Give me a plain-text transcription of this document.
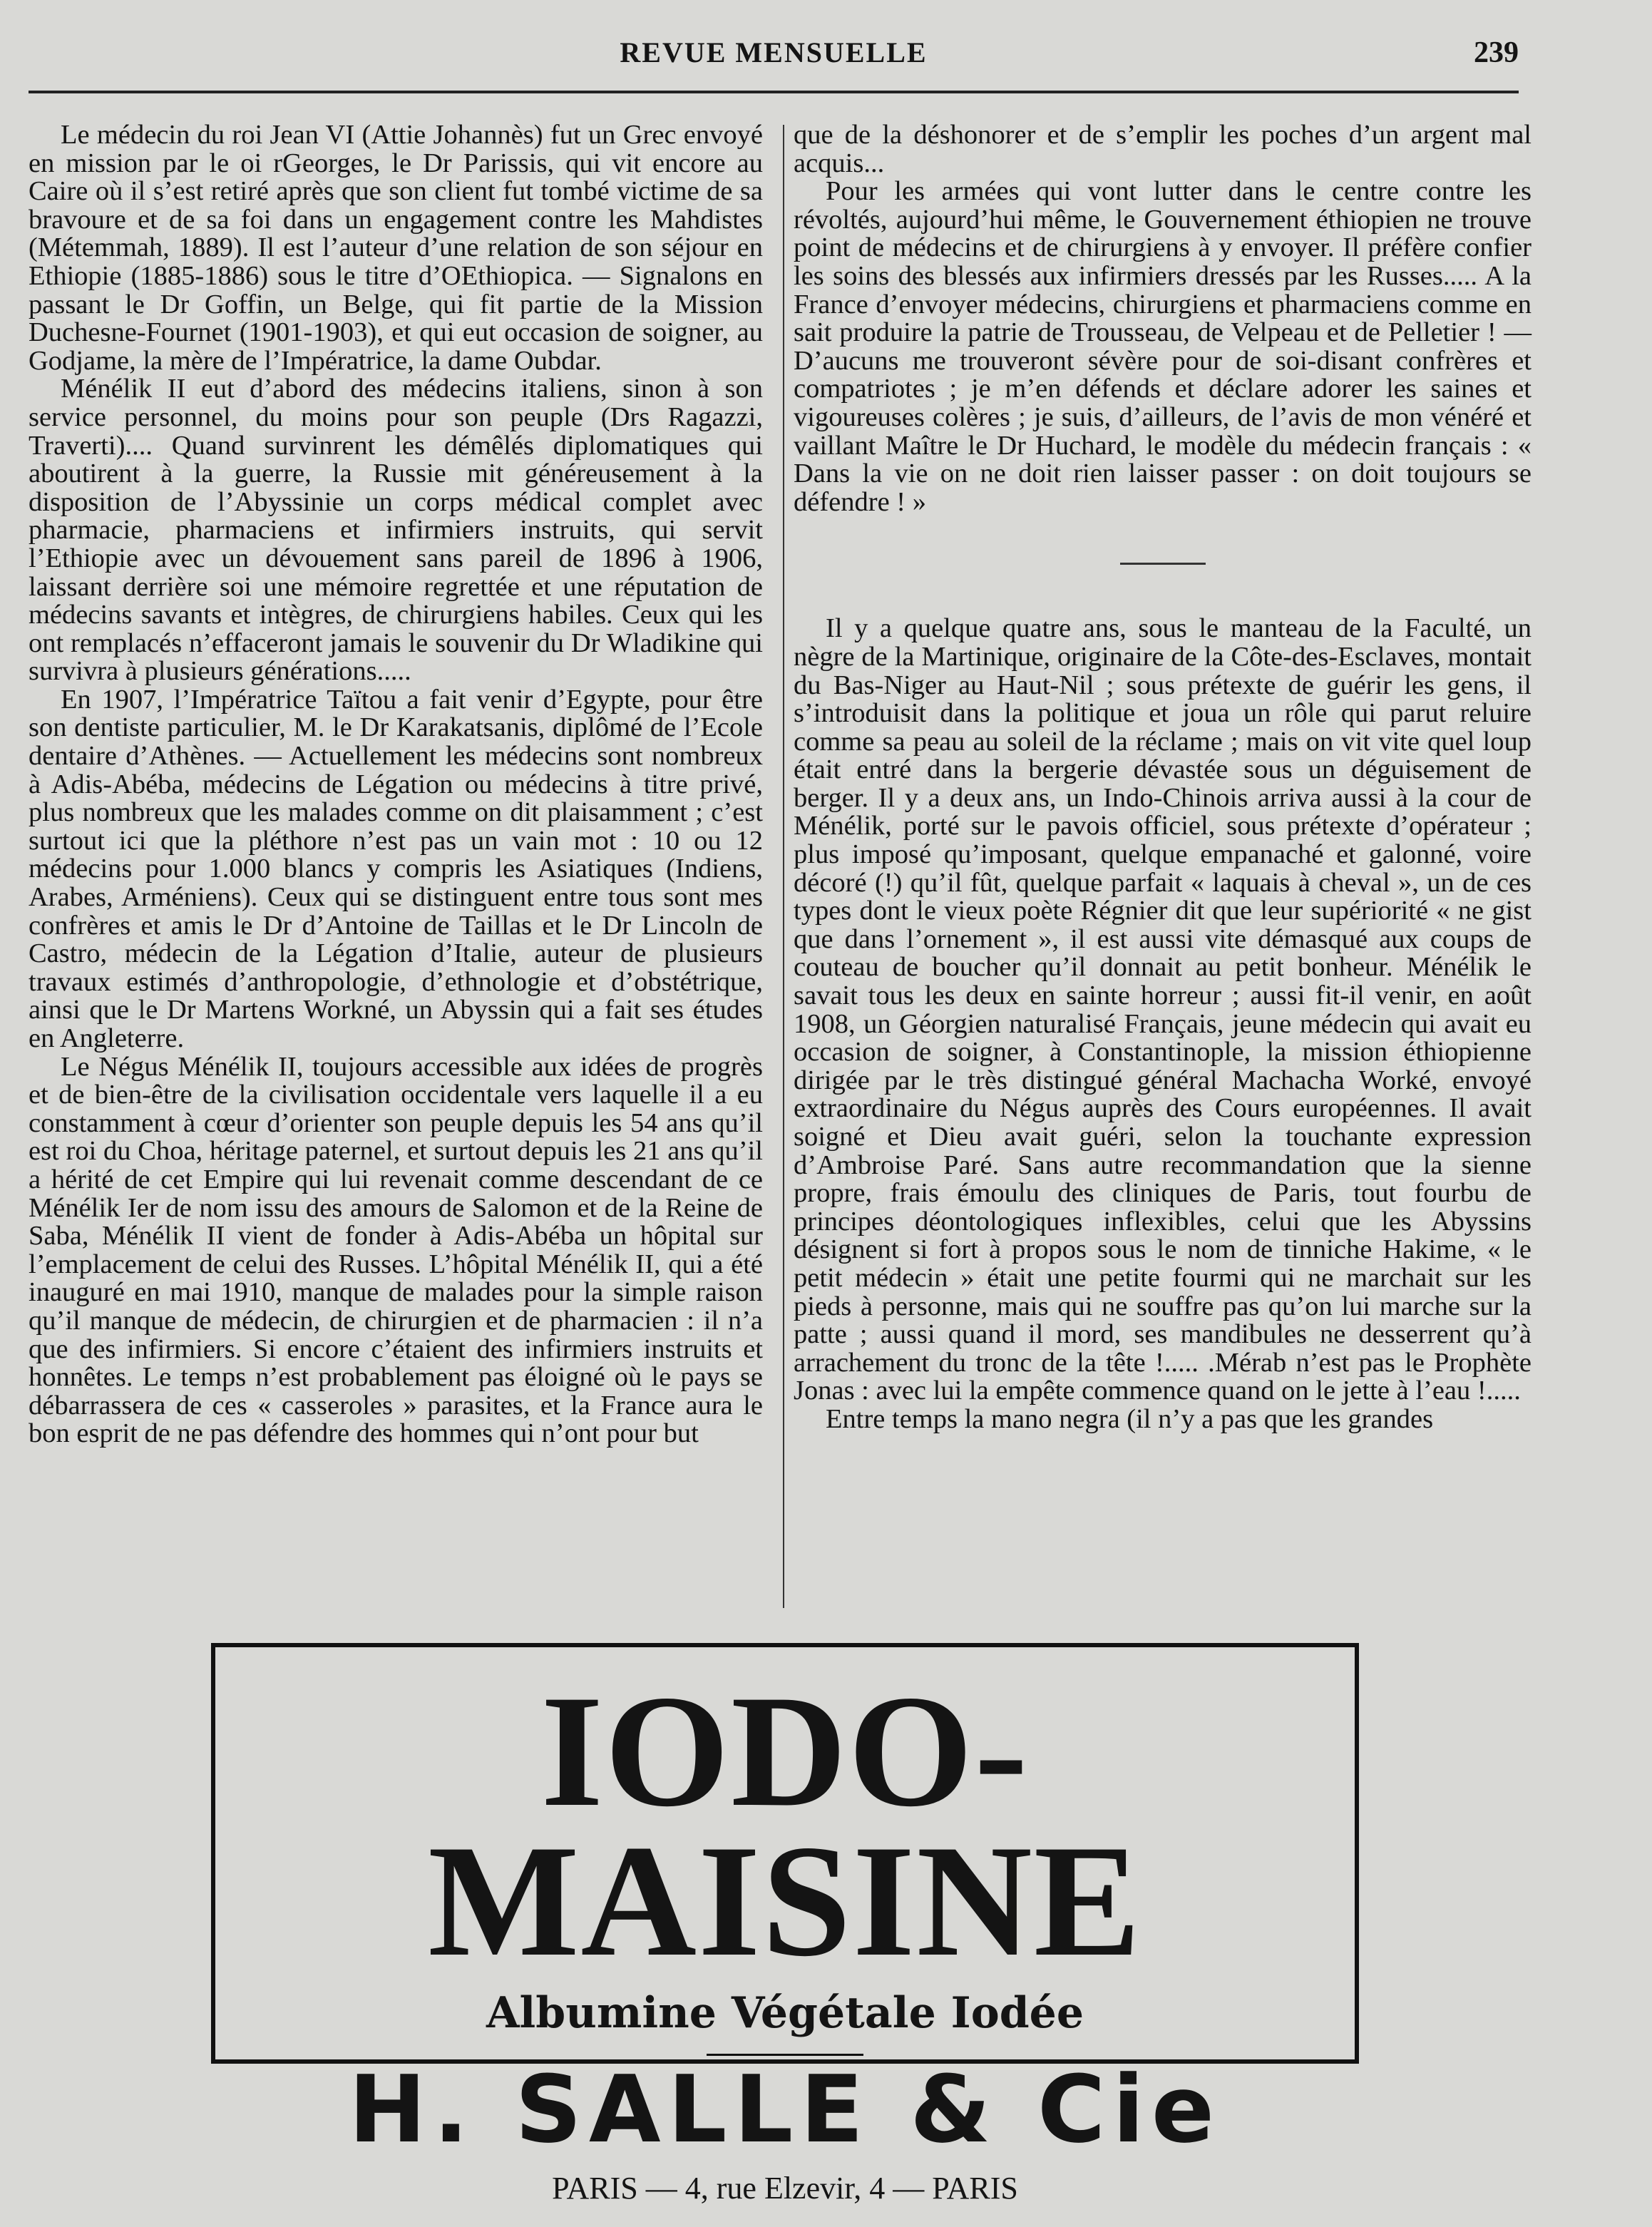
REVUE MENSUELLE	239

Le médecin du roi Jean VI (Attie Johannès) fut un Grec envoyé en mission par le oi rGeorges, le Dr Parissis, qui vit encore au Caire où il s’est retiré après que son client fut tombé victime de sa bravoure et de sa foi dans un engagement contre les Mahdistes (Métemmah, 1889). Il est l’auteur d’une relation de son séjour en Ethiopie (1885-1886) sous le titre d’OEthiopica. — Signalons en passant le Dr Goffin, un Belge, qui fit partie de la Mission Duchesne-Fournet (1901-1903), et qui eut occasion de soigner, au Godjame, la mère de l’Impératrice, la dame Oubdar.

Ménélik II eut d’abord des médecins italiens, sinon à son service personnel, du moins pour son peuple (Drs Ragazzi, Traverti).... Quand survinrent les démêlés diplomatiques qui aboutirent à la guerre, la Russie mit généreusement à la disposition de l’Abyssinie un corps médical complet avec pharmacie, pharmaciens et infirmiers instruits, qui servit l’Ethiopie avec un dévouement sans pareil de 1896 à 1906, laissant derrière soi une mémoire regrettée et une réputation de médecins savants et intègres, de chirurgiens habiles. Ceux qui les ont remplacés n’effaceront jamais le souvenir du Dr Wladikine qui survivra à plusieurs générations.....

En 1907, l’Impératrice Taïtou a fait venir d’Egypte, pour être son dentiste particulier, M. le Dr Karakatsanis, diplômé de l’Ecole dentaire d’Athènes. — Actuellement les médecins sont nombreux à Adis-Abéba, médecins de Légation ou médecins à titre privé, plus nombreux que les malades comme on dit plaisamment ; c’est surtout ici que la pléthore n’est pas un vain mot : 10 ou 12 médecins pour 1.000 blancs y compris les Asiatiques (Indiens, Arabes, Arméniens). Ceux qui se distinguent entre tous sont mes confrères et amis le Dr d’Antoine de Taillas et le Dr Lincoln de Castro, médecin de la Légation d’Italie, auteur de plusieurs travaux estimés d’anthropologie, d’ethnologie et d’obstétrique, ainsi que le Dr Martens Workné, un Abyssin qui a fait ses études en Angleterre.

Le Négus Ménélik II, toujours accessible aux idées de progrès et de bien-être de la civilisation occidentale vers laquelle il a eu constamment à cœur d’orienter son peuple depuis les 54 ans qu’il est roi du Choa, héritage paternel, et surtout depuis les 21 ans qu’il a hérité de cet Empire qui lui revenait comme descendant de ce Ménélik Ier de nom issu des amours de Salomon et de la Reine de Saba, Ménélik II vient de fonder à Adis-Abéba un hôpital sur l’emplacement de celui des Russes. L’hôpital Ménélik II, qui a été inauguré en mai 1910, manque de malades pour la simple raison qu’il manque de médecin, de chirurgien et de pharmacien : il n’a que des infirmiers. Si encore c’étaient des infirmiers instruits et honnêtes. Le temps n’est probablement pas éloigné où le pays se débarrassera de ces « casseroles » parasites, et la France aura le bon esprit de ne pas défendre des hommes qui n’ont pour but

que de la déshonorer et de s’emplir les poches d’un argent mal acquis...

Pour les armées qui vont lutter dans le centre contre les révoltés, aujourd’hui même, le Gouvernement éthiopien ne trouve point de médecins et de chirurgiens à y envoyer. Il préfère confier les soins des blessés aux infirmiers dressés par les Russes..... A la France d’envoyer médecins, chirurgiens et pharmaciens comme en sait produire la patrie de Trousseau, de Velpeau et de Pelletier ! — D’aucuns me trouveront sévère pour de soi-disant confrères et compatriotes ; je m’en défends et déclare adorer les saines et vigoureuses colères ; je suis, d’ailleurs, de l’avis de mon vénéré et vaillant Maître le Dr Huchard, le modèle du médecin français : « Dans la vie on ne doit rien laisser passer : on doit toujours se défendre ! »

Il y a quelque quatre ans, sous le manteau de la Faculté, un nègre de la Martinique, originaire de la Côte-des-Esclaves, montait du Bas-Niger au Haut-Nil ; sous prétexte de guérir les gens, il s’introduisit dans la politique et joua un rôle qui parut reluire comme sa peau au soleil de la réclame ; mais on vit vite quel loup était entré dans la bergerie dévastée sous un déguisement de berger. Il y a deux ans, un Indo-Chinois arriva aussi à la cour de Ménélik, porté sur le pavois officiel, sous prétexte d’opérateur ; plus imposé qu’imposant, quelque empanaché et galonné, voire décoré (!) qu’il fût, quelque parfait « laquais à cheval », un de ces types dont le vieux poète Régnier dit que leur supériorité « ne gist que dans l’ornement », il est aussi vite démasqué aux coups de couteau de boucher qu’il donnait au petit bonheur. Ménélik le savait tous les deux en sainte horreur ; aussi fit-il venir, en août 1908, un Géorgien naturalisé Français, jeune médecin qui avait eu occasion de soigner, à Constantinople, la mission éthiopienne dirigée par le très distingué général Machacha Worké, envoyé extraordinaire du Négus auprès des Cours européennes. Il avait soigné et Dieu avait guéri, selon la touchante expression d’Ambroise Paré. Sans autre recommandation que la sienne propre, frais émoulu des cliniques de Paris, tout fourbu de principes déontologiques inflexibles, celui que les Abyssins désignent si fort à propos sous le nom de tinniche Hakime, « le petit médecin » était une petite fourmi qui ne marchait sur les pieds à personne, mais qui ne souffre pas qu’on lui marche sur la patte ; aussi quand il mord, ses mandibules ne desserrent qu’à arrachement du tronc de la tête !..... .Mérab n’est pas le Prophète Jonas : avec lui la empête commence quand on le jette à l’eau !.....

Entre temps la mano negra (il n’y a pas que les grandes

IODO-MAISINE
Albumine Végétale Iodée
H. SALLE & Cie
PARIS — 4, rue Elzevir, 4 — PARIS
